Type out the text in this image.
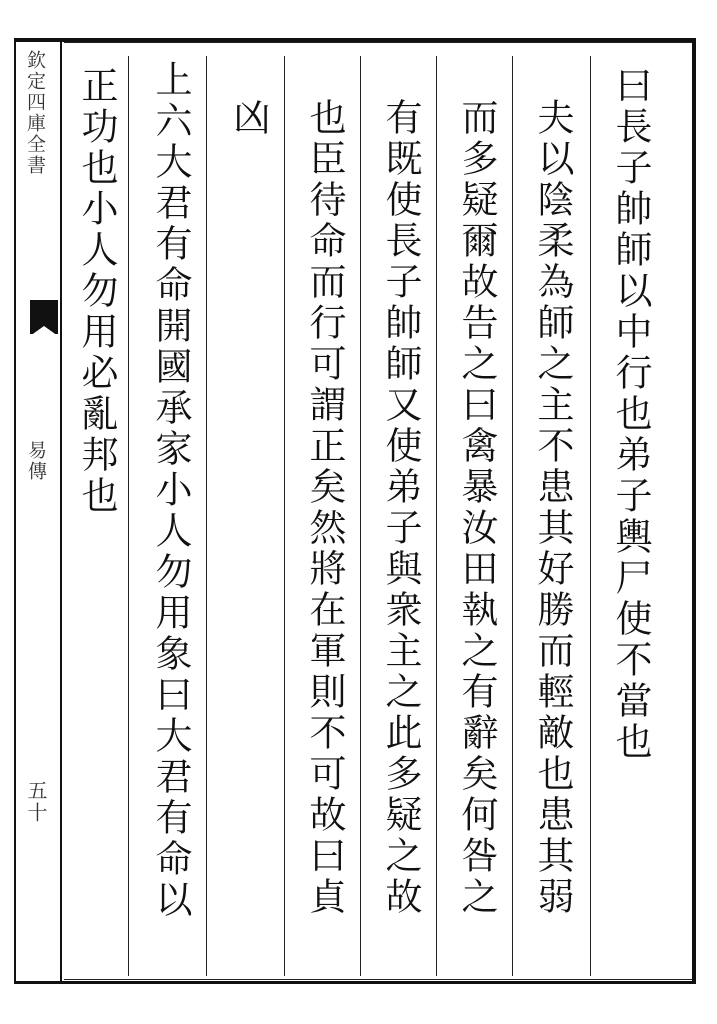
欽定四庫全書
易傳
五十
曰長子帥師以中行也弟子輿尸使不當也
夫以陰柔為師之主不患其好勝而輕敵也患其弱
而多疑爾故告之曰禽暴汝田執之有辭矣何咎之
有既使長子帥師又使弟子與衆主之此多疑之故
也臣待命而行可謂正矣然將在軍則不可故曰貞
凶
上六大君有命開國承家小人勿用象曰大君有命以
正功也小人勿用必亂邦也
